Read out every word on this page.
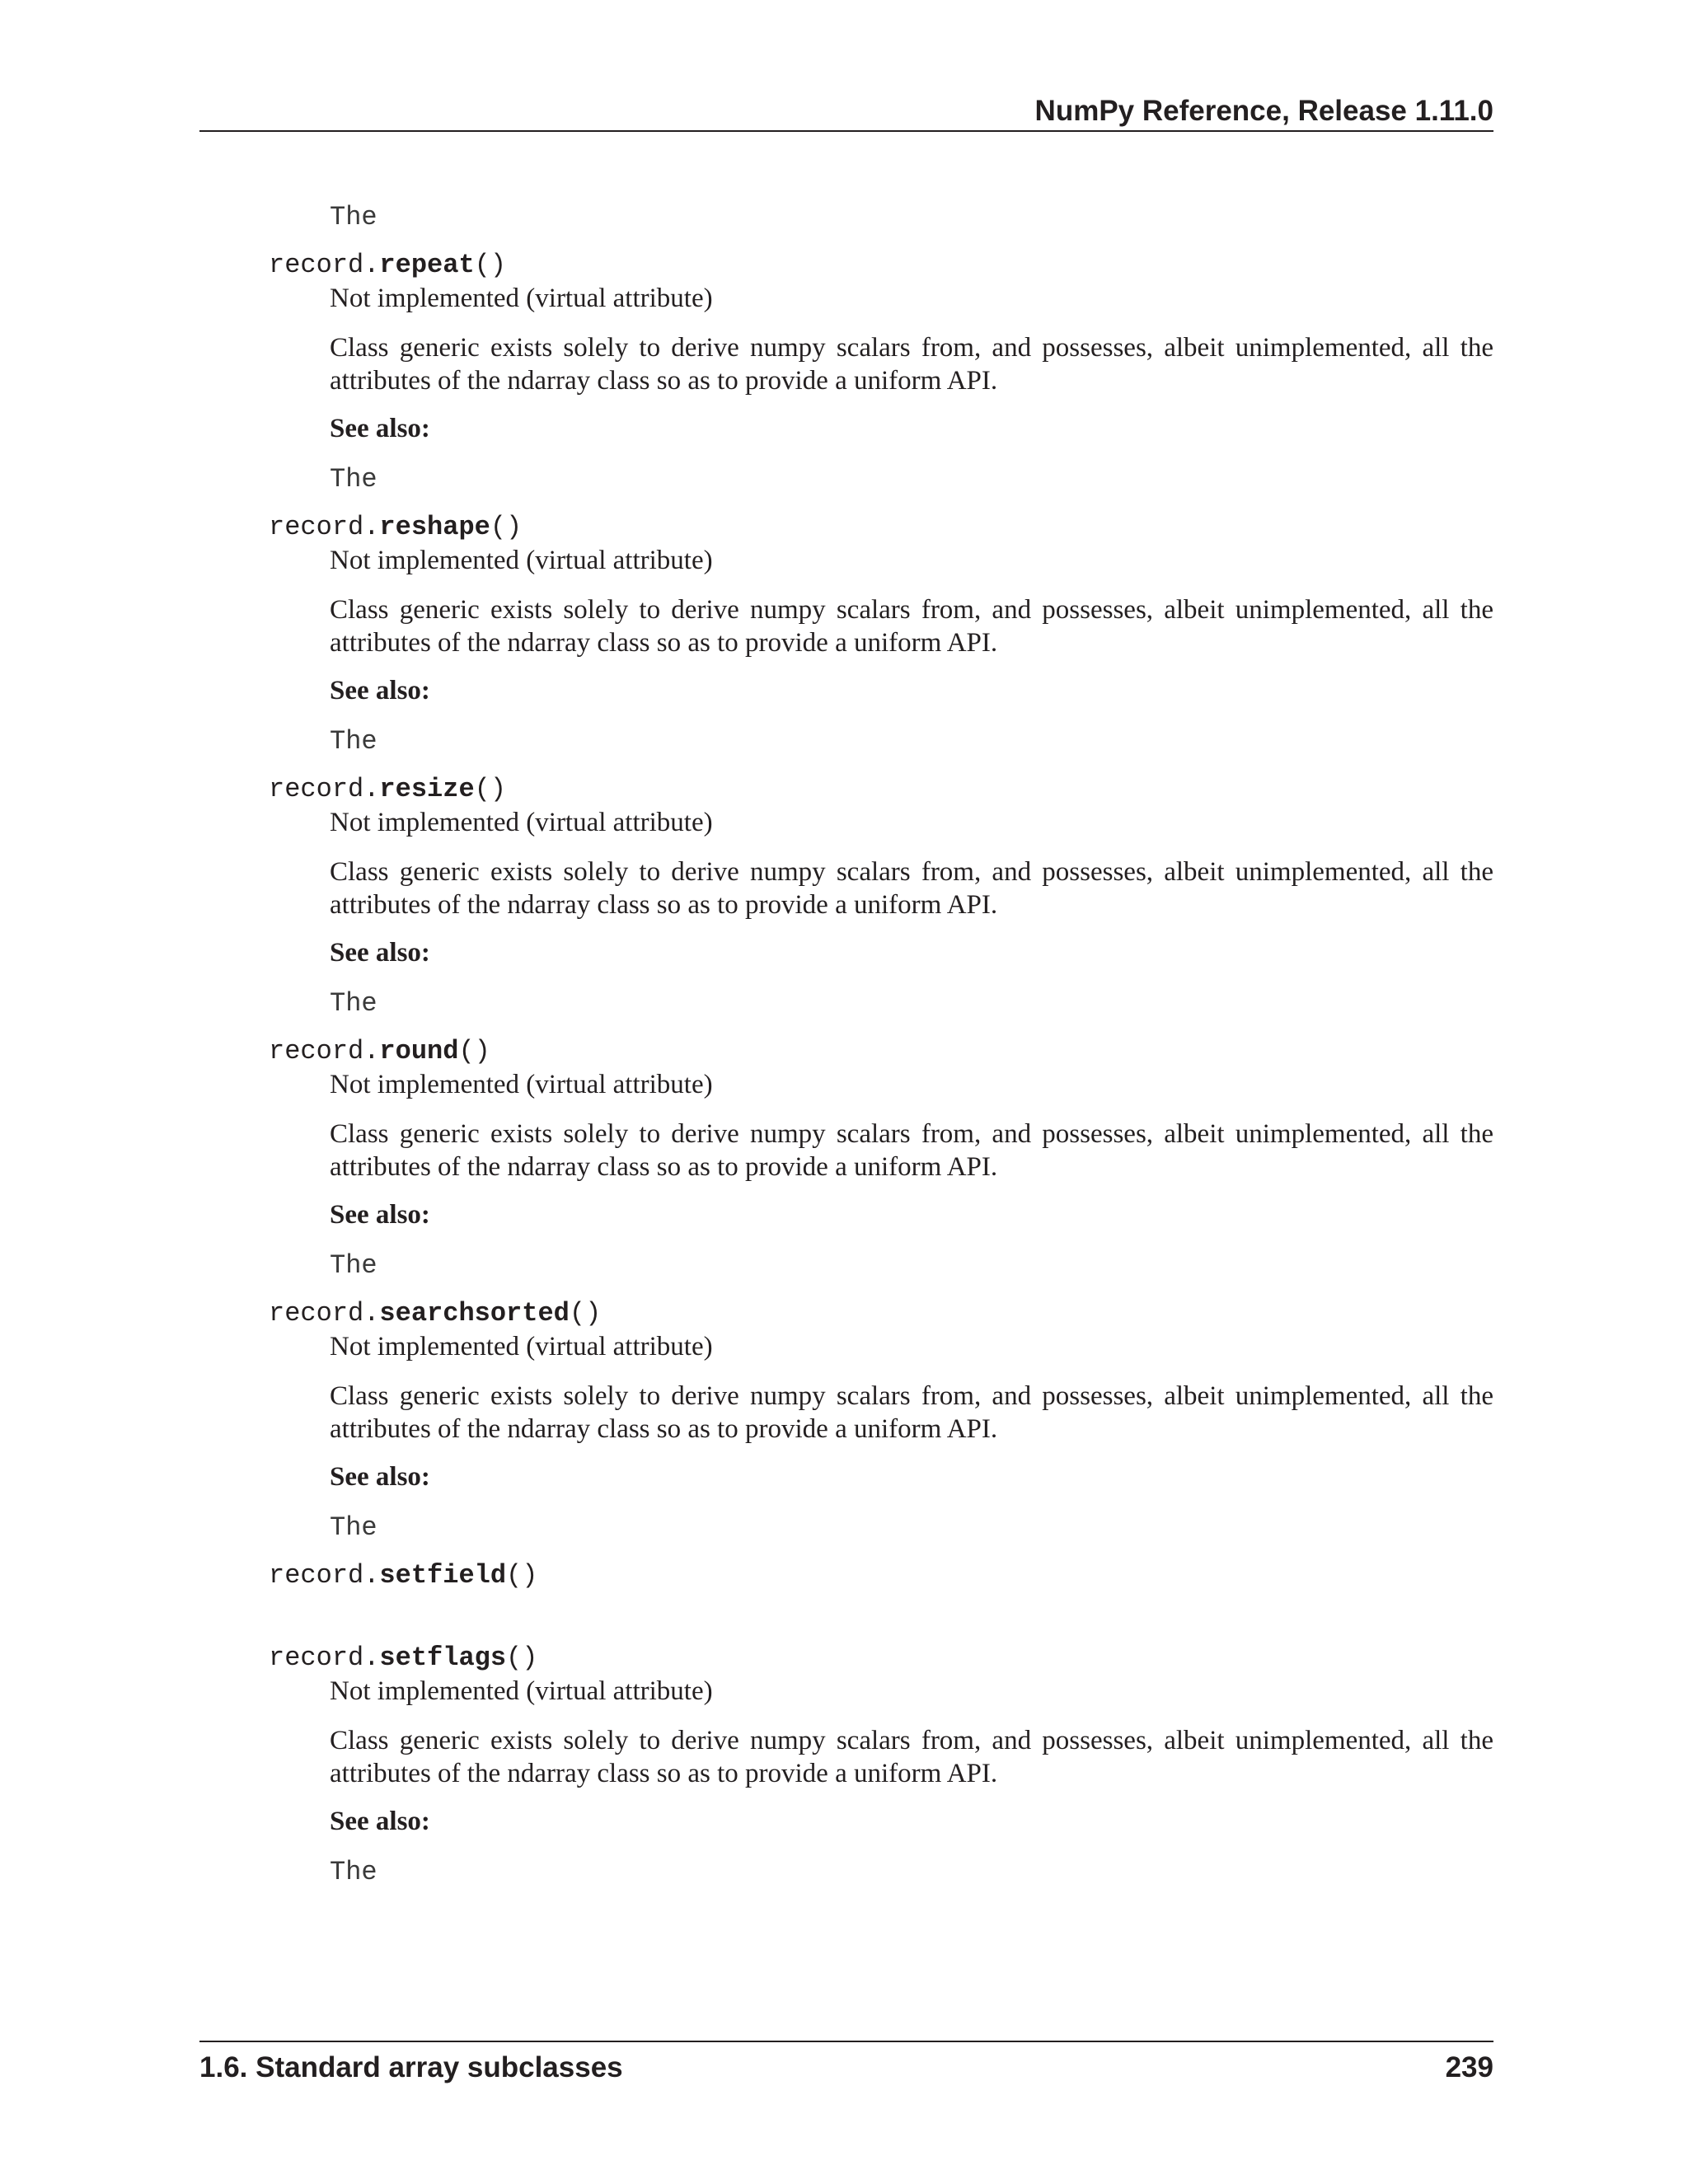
NumPy Reference, Release 1.11.0
The
record.repeat()
Not implemented (virtual attribute)
Class generic exists solely to derive numpy scalars from, and possesses, albeit unimplemented, all the attributes of the ndarray class so as to provide a uniform API.
See also:
The
record.reshape()
Not implemented (virtual attribute)
Class generic exists solely to derive numpy scalars from, and possesses, albeit unimplemented, all the attributes of the ndarray class so as to provide a uniform API.
See also:
The
record.resize()
Not implemented (virtual attribute)
Class generic exists solely to derive numpy scalars from, and possesses, albeit unimplemented, all the attributes of the ndarray class so as to provide a uniform API.
See also:
The
record.round()
Not implemented (virtual attribute)
Class generic exists solely to derive numpy scalars from, and possesses, albeit unimplemented, all the attributes of the ndarray class so as to provide a uniform API.
See also:
The
record.searchsorted()
Not implemented (virtual attribute)
Class generic exists solely to derive numpy scalars from, and possesses, albeit unimplemented, all the attributes of the ndarray class so as to provide a uniform API.
See also:
The
record.setfield()
record.setflags()
Not implemented (virtual attribute)
Class generic exists solely to derive numpy scalars from, and possesses, albeit unimplemented, all the attributes of the ndarray class so as to provide a uniform API.
See also:
The
1.6. Standard array subclasses	239
